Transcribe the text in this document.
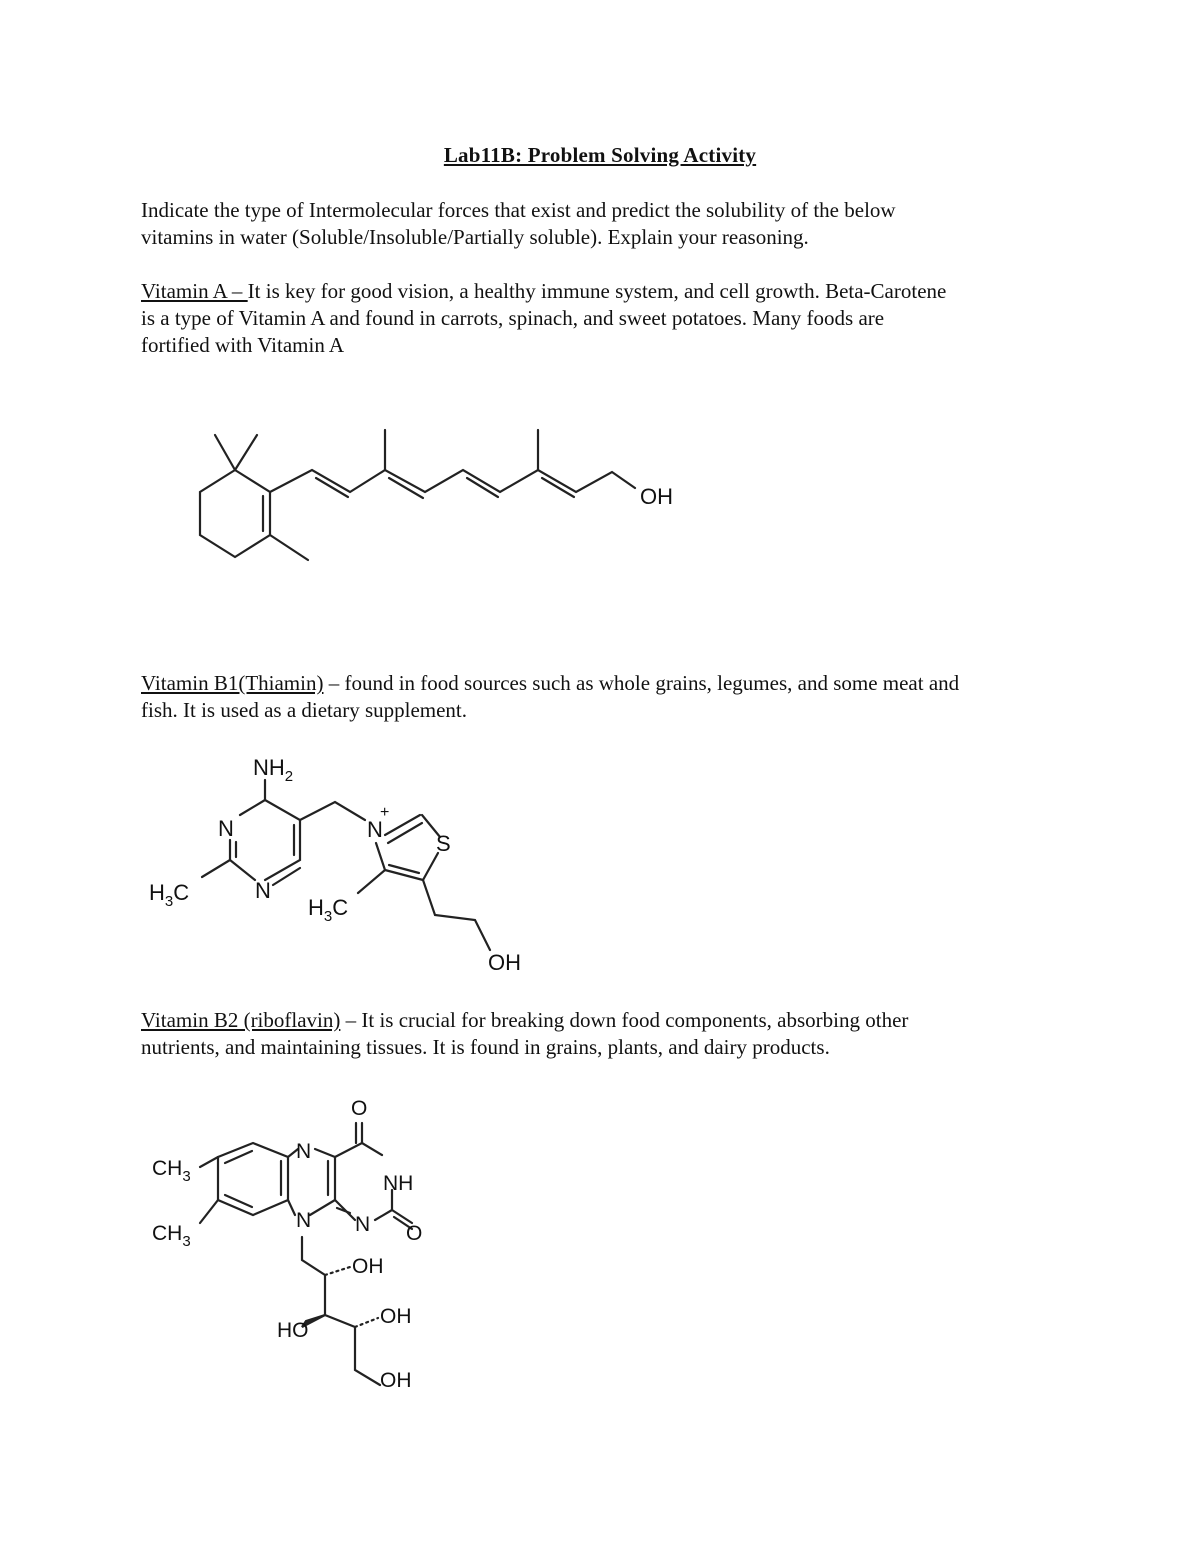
Lab11B: Problem Solving Activity
Indicate the type of Intermolecular forces that exist and predict the solubility of the below
vitamins in water (Soluble/Insoluble/Partially soluble). Explain your reasoning.
Vitamin A – It is key for good vision, a healthy immune system, and cell growth. Beta-Carotene
is a type of Vitamin A and found in carrots, spinach, and sweet potatoes. Many foods are
fortified with Vitamin A
OH
Vitamin B1(Thiamin) – found in food sources such as whole grains, legumes, and some meat and
fish. It is used as a dietary supplement.
$NH_2$
N
N
N
+
S
$H_3C$
$H_3C$
OH
Vitamin B2 (riboflavin) – It is crucial for breaking down food components, absorbing other
nutrients, and maintaining tissues. It is found in grains, plants, and dairy products.
$CH_3$
$CH_3$
N
N N
NH
O
O
OH
HO
OH
OH
